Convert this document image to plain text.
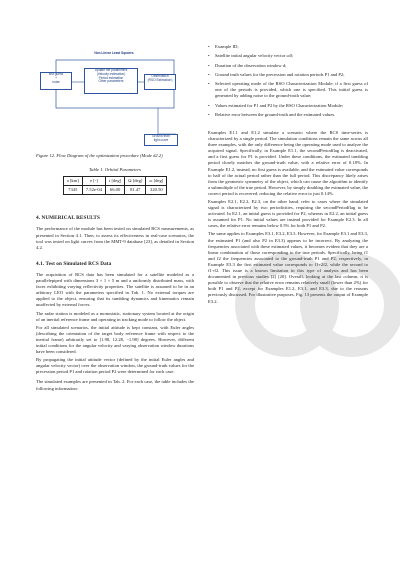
Non Linear Least Squares
first guess
+
noise
Update the parameters
(Velocity estimation)
Period estimation
Other parameters
Observation
(RSO Estimation)
Ground truth
light curve
Figure 12. Flow Diagram of the optimization procedure (Mode #2.2)
Table 1. Orbital Parameters
a [km]	e [-]	i [deg]	Ω [deg]	ω [deg]
7345	7.52e-04	66.00	81.47	320.50
4. NUMERICAL RESULTS

The performance of the module has been tested on simulated RCS measurements, as presented in Section 4.1. Then, to assess its effectiveness in real-case scenarios, the tool was tested on light curves from the MMT-9 database [23], as detailed in Section 4.2.

4.1. Test on Simulated RCS Data

The acquisition of RCS data has been simulated for a satellite modeled as a parallelepiped with dimensions 3 × 1 × 5 m and a uniformly distributed mass, with faces exhibiting varying reflectivity properties. The satellite is assumed to be in an arbitrary LEO with the parameters specified in Tab. 1. No external torques are applied to the object, ensuring that its tumbling dynamics and kinematics remain unaffected by external forces.

The radar station is modeled as a monostatic, stationary system located at the origin of an inertial reference frame and operating in tracking mode to follow the object.

For all simulated scenarios, the initial attitude is kept constant, with Euler angles (describing the orientation of the target body reference frame with respect to the inertial frame) arbitrarily set to [1.98, 12.28, −1.98] degrees. However, different initial conditions for the angular velocity and varying observation window durations have been considered.

By propagating the initial attitude vector (defined by the initial Euler angles and angular velocity vector) over the observation window, the ground-truth values for the precession period P1 and rotation period P2 were determined for each case.

The simulated examples are presented in Tab. 2. For each case, the table includes the following information:

• Example ID;
• Satellite initial angular velocity vector ω0;
• Duration of the observation window d;
• Ground truth values for the precession and rotation periods P1 and P2;
• Selected operating mode of the RSO Characterization Module; if a first guess of one of the periods is provided, which one is specified. This initial guess is generated by adding noise to the ground-truth value;
• Values estimated for P1 and P2 by the RSO Characterization Module;
• Relative error between the ground-truth and the estimated values.

Examples E1.1 and E1.2 simulate a scenario where the RCS time-series is characterized by a single period. The simulation conditions remain the same across all three examples, with the only difference being the operating mode used to analyze the acquired signal. Specifically, in Example E1.1, the secondPeriodflag is deactivated, and a first guess for P1 is provided. Under these conditions, the estimated tumbling period closely matches the ground-truth value, with a relative error of 0.18%. In Example E1.2, instead, no first guess is available, and the estimated value corresponds to half of the actual period rather than the full period. This discrepancy likely arises from the geometric symmetry of the object, which can cause the algorithm to identify a submultiple of the true period. However, by simply doubling the estimated value, the correct period is recovered, reducing the relative error to just 0.14%.

Examples E2.1, E2.2, E2.3, on the other hand, refer to cases where the simulated signal is characterized by two periodicities, requiring the secondPeriodflag to be activated. In E2.1, an initial guess is provided for P2, whereas in E2.2, an initial guess is assumed for P1. No initial values are instead provided for Example E2.3. In all cases, the relative error remains below 0.5% for both P1 and P2.

The same applies to Examples E3.1, E3.2, E3.3. However, for Example E3.1 and E3.3, the estimated P1 (and also P2 in E3.3) appears to be incorrect. By analyzing the frequencies associated with these estimated values, it becomes evident that they are a linear combination of those corresponding to the true periods. Specifically, being f1 and f2 the frequencies associated to the ground-truth P1 and P2, respectively, in Example E3.3 the first estimated value corresponds to f1+2f2, while the second to f1+f2. This issue is a known limitation in this type of analysis and has been documented in previous studies [2] [20]. Overall, looking at the last column, it is possible to observe that the relative error remains relatively small (lower than 2%) for both P1 and P2, except for Examples E1.2, E3.1, and E3.3, due to the reasons previously discussed. For illustrative purposes, Fig. 13 presents the output of Example E3.2.
